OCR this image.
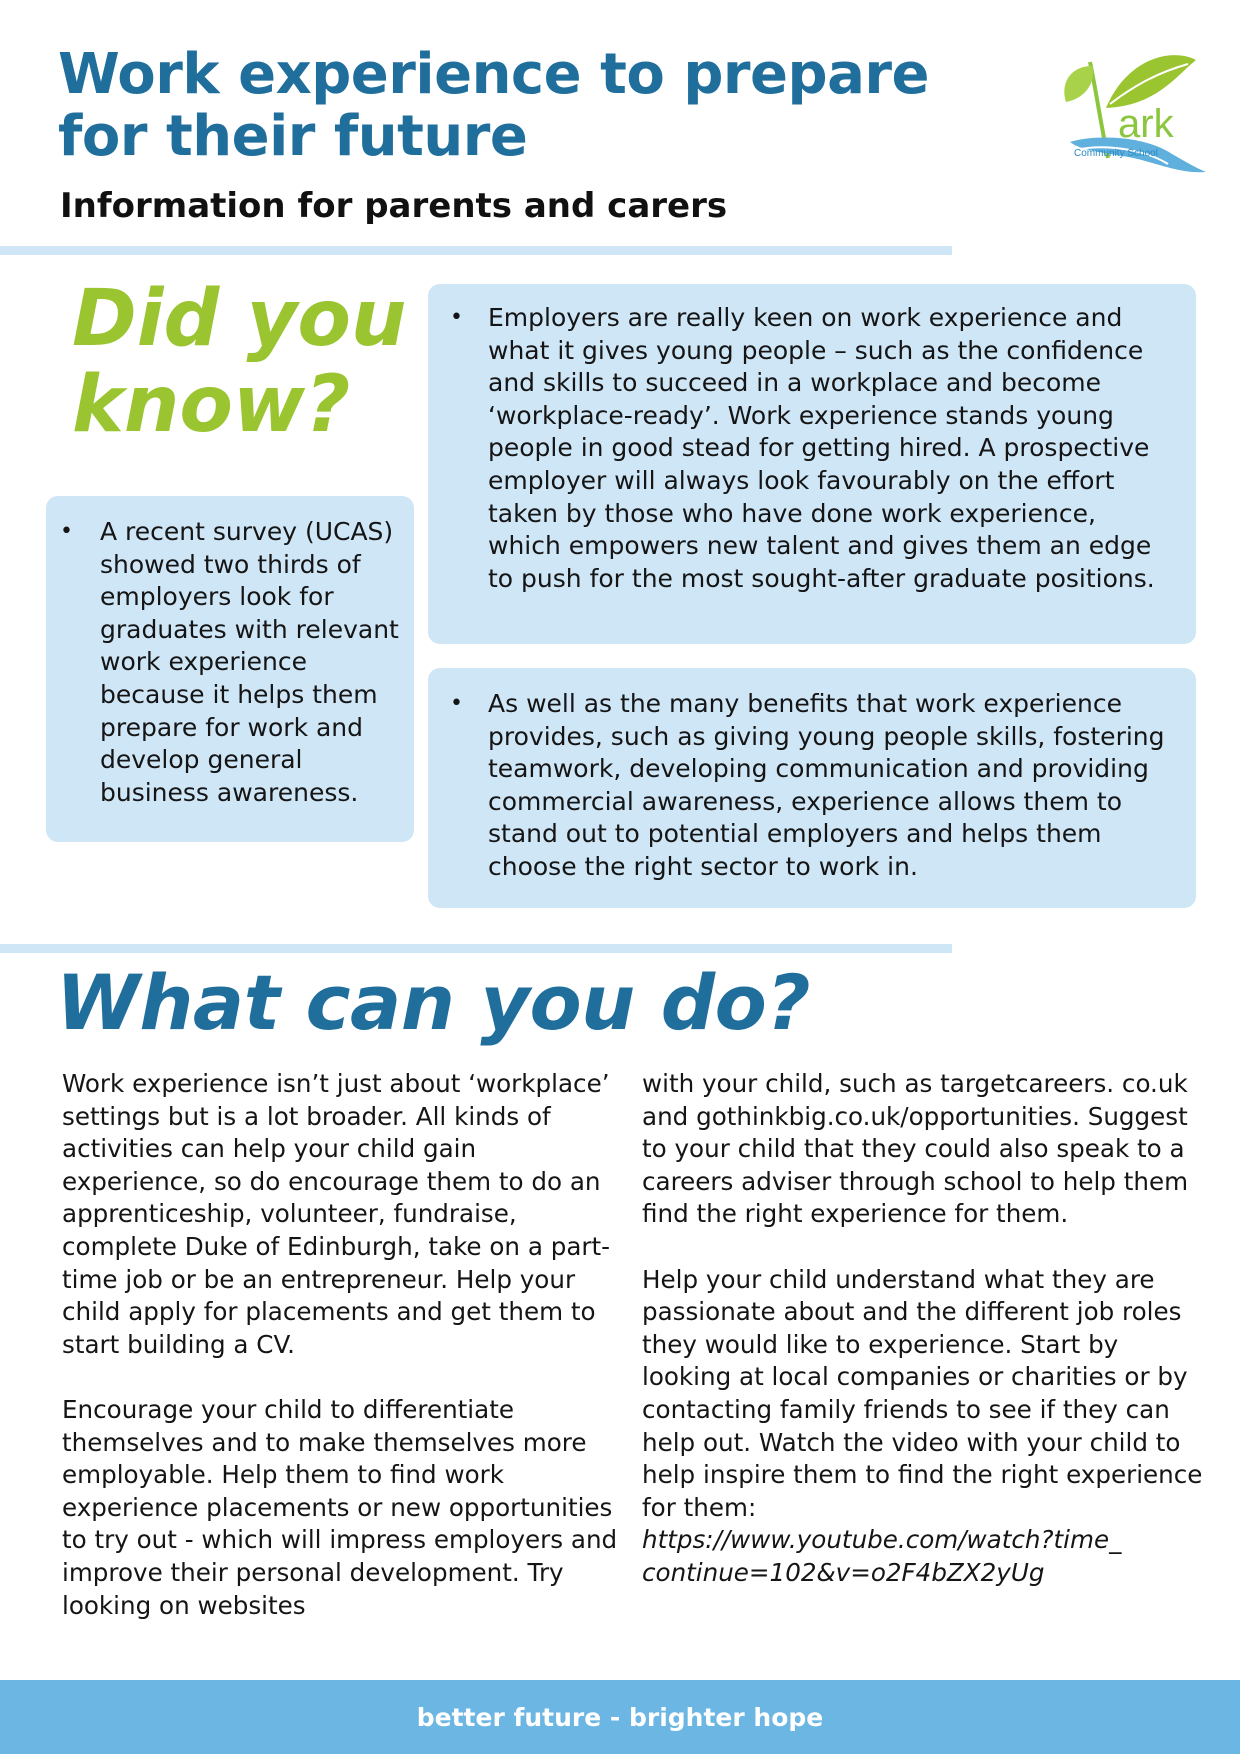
Work experience to prepare
for their future
Information for parents and carers
ark
Community School
Did you
know?
• A recent survey (UCAS) showed two thirds of employers look for graduates with relevant work experience because it helps them prepare for work and develop general business awareness.
• Employers are really keen on work experience and what it gives young people – such as the confidence and skills to succeed in a workplace and become ‘workplace-ready’. Work experience stands young people in good stead for getting hired. A prospective employer will always look favourably on the effort taken by those who have done work experience, which empowers new talent and gives them an edge to push for the most sought-after graduate positions.
• As well as the many benefits that work experience provides, such as giving young people skills, fostering teamwork, developing communication and providing commercial awareness, experience allows them to stand out to potential employers and helps them choose the right sector to work in.
What can you do?

Work experience isn’t just about ‘workplace’ settings but is a lot broader. All kinds of activities can help your child gain experience, so do encourage them to do an apprenticeship, volunteer, fundraise, complete Duke of Edinburgh, take on a part-time job or be an entrepreneur. Help your child apply for placements and get them to start building a CV.

Encourage your child to differentiate themselves and to make themselves more employable. Help them to find work experience placements or new opportunities to try out - which will impress employers and improve their personal development. Try looking on websites

with your child, such as targetcareers. co.uk and gothinkbig.co.uk/opportunities. Suggest to your child that they could also speak to a careers adviser through school to help them find the right experience for them.

Help your child understand what they are passionate about and the different job roles they would like to experience. Start by looking at local companies or charities or by contacting family friends to see if they can help out. Watch the video with your child to help inspire them to find the right experience for them:
https://www.youtube.com/watch?time_ continue=102&v=o2F4bZX2yUg

better future - brighter hope
